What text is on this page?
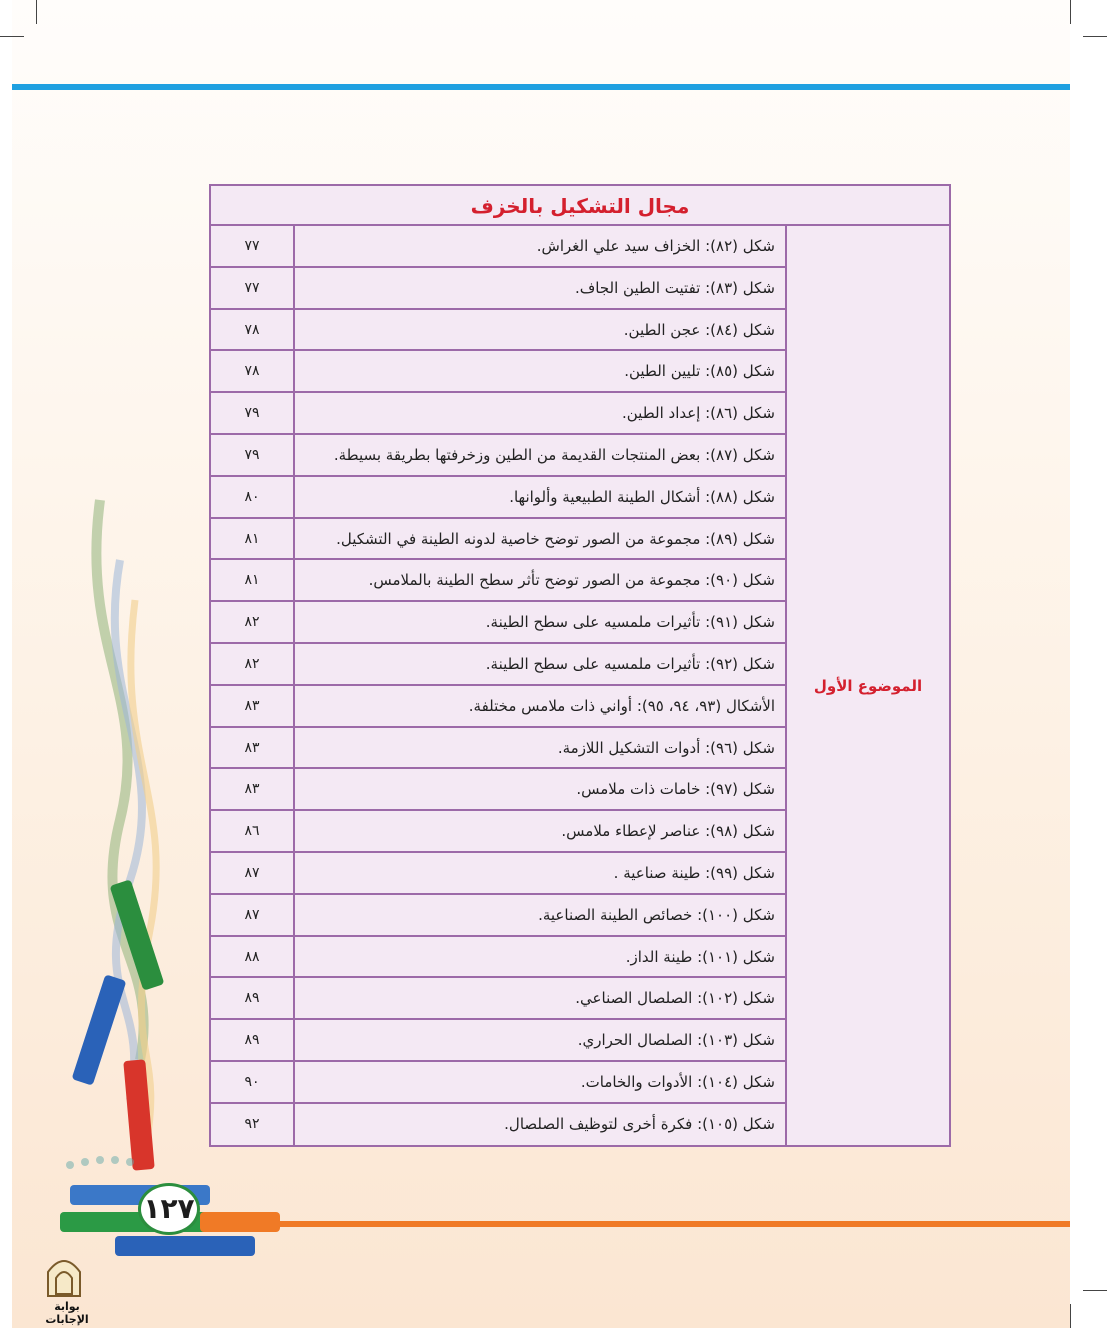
مجال التشكيل بالخزف
الموضوع الأول
شكل (٨٢): الخزاف سيد علي الغراش.
٧٧
شكل (٨٣): تفتيت الطين الجاف.
٧٧
شكل (٨٤): عجن الطين.
٧٨
شكل (٨٥): تليين الطين.
٧٨
شكل (٨٦): إعداد الطين.
٧٩
شكل (٨٧): بعض المنتجات القديمة من الطين وزخرفتها بطريقة بسيطة.
٧٩
شكل (٨٨): أشكال الطينة الطبيعية وألوانها.
٨٠
شكل (٨٩): مجموعة من الصور توضح خاصية لدونه الطينة في التشكيل.
٨١
شكل (٩٠): مجموعة من الصور توضح تأثر سطح الطينة بالملامس.
٨١
شكل (٩١): تأثيرات ملمسيه على سطح الطينة.
٨٢
شكل (٩٢): تأثيرات ملمسيه على سطح الطينة.
٨٢
الأشكال (٩٣، ٩٤، ٩٥): أواني ذات ملامس مختلفة.
٨٣
شكل (٩٦): أدوات التشكيل اللازمة.
٨٣
شكل (٩٧): خامات ذات ملامس.
٨٣
شكل (٩٨): عناصر لإعطاء ملامس.
٨٦
شكل (٩٩): طينة صناعية .
٨٧
شكل (١٠٠): خصائص الطينة الصناعية.
٨٧
شكل (١٠١): طينة الداز.
٨٨
شكل (١٠٢): الصلصال الصناعي.
٨٩
شكل (١٠٣): الصلصال الحراري.
٨٩
شكل (١٠٤): الأدوات والخامات.
٩٠
شكل (١٠٥): فكرة أخرى لتوظيف الصلصال.
٩٢
١٢٧
بوابة الإجابات
